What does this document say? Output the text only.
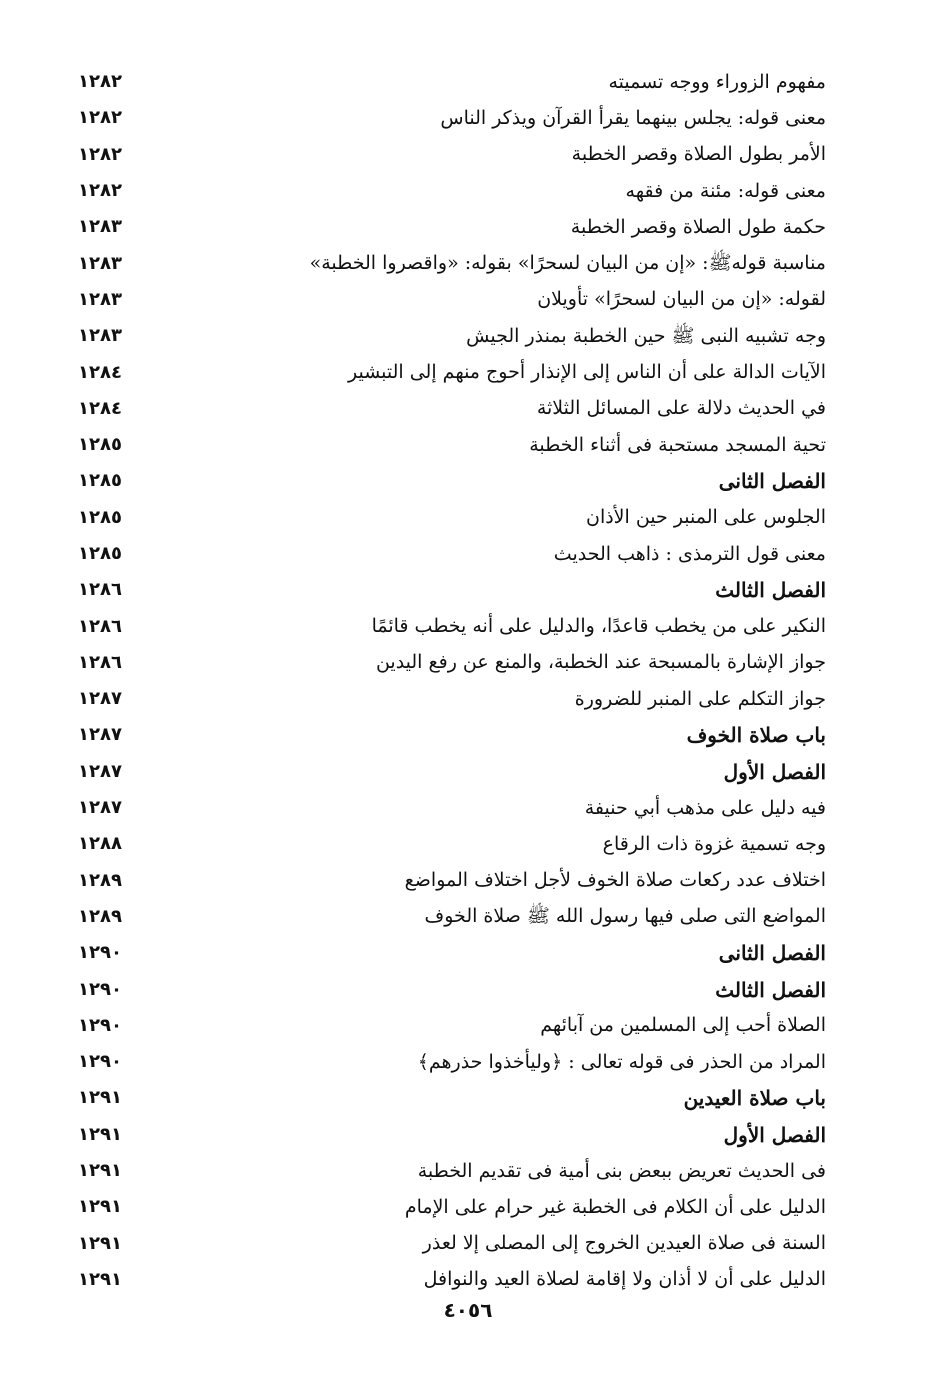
مفهوم الزوراء ووجه تسميته
١٢٨٢
معنى قوله: يجلس بينهما يقرأ القرآن ويذكر الناس
١٢٨٢
الأمر بطول الصلاة وقصر الخطبة
١٢٨٢
معنى قوله: مئنة من فقهه
١٢٨٢
حكمة طول الصلاة وقصر الخطبة
١٢٨٣
مناسبة قولهﷺ: «إن من البيان لسحرًا» بقوله: «واقصروا الخطبة»
١٢٨٣
لقوله: «إن من البيان لسحرًا» تأويلان
١٢٨٣
وجه تشبيه النبى ﷺ حين الخطبة بمنذر الجيش
١٢٨٣
الآيات الدالة على أن الناس إلى الإنذار أحوج منهم إلى التبشير
١٢٨٤
في الحديث دلالة على المسائل الثلاثة
١٢٨٤
تحية المسجد مستحبة فى أثناء الخطبة
١٢٨٥
الفصل الثانى
١٢٨٥
الجلوس على المنبر حين الأذان
١٢٨٥
معنى قول الترمذى : ذاهب الحديث
١٢٨٥
الفصل الثالث
١٢٨٦
النكير على من يخطب قاعدًا، والدليل على أنه يخطب قائمًا
١٢٨٦
جواز الإشارة بالمسبحة عند الخطبة، والمنع عن رفع اليدين
١٢٨٦
جواز التكلم على المنبر للضرورة
١٢٨٧
باب صلاة الخوف
١٢٨٧
الفصل الأول
١٢٨٧
فيه دليل على مذهب أبي حنيفة
١٢٨٧
وجه تسمية غزوة ذات الرقاع
١٢٨٨
اختلاف عدد ركعات صلاة الخوف لأجل اختلاف المواضع
١٢٨٩
المواضع التى صلى فيها رسول الله ﷺ صلاة الخوف
١٢٨٩
الفصل الثانى
١٢٩٠
الفصل الثالث
١٢٩٠
الصلاة أحب إلى المسلمين من آبائهم
١٢٩٠
المراد من الحذر فى قوله تعالى : ﴿وليأخذوا حذرهم﴾
١٢٩٠
باب صلاة العيدين
١٢٩١
الفصل الأول
١٢٩١
فى الحديث تعريض ببعض بنى أمية فى تقديم الخطبة
١٢٩١
الدليل على أن الكلام فى الخطبة غير حرام على الإمام
١٢٩١
السنة فى صلاة العيدين الخروج إلى المصلى إلا لعذر
١٢٩١
الدليل على أن لا أذان ولا إقامة لصلاة العيد والنوافل
١٢٩١
٤٠٥٦
